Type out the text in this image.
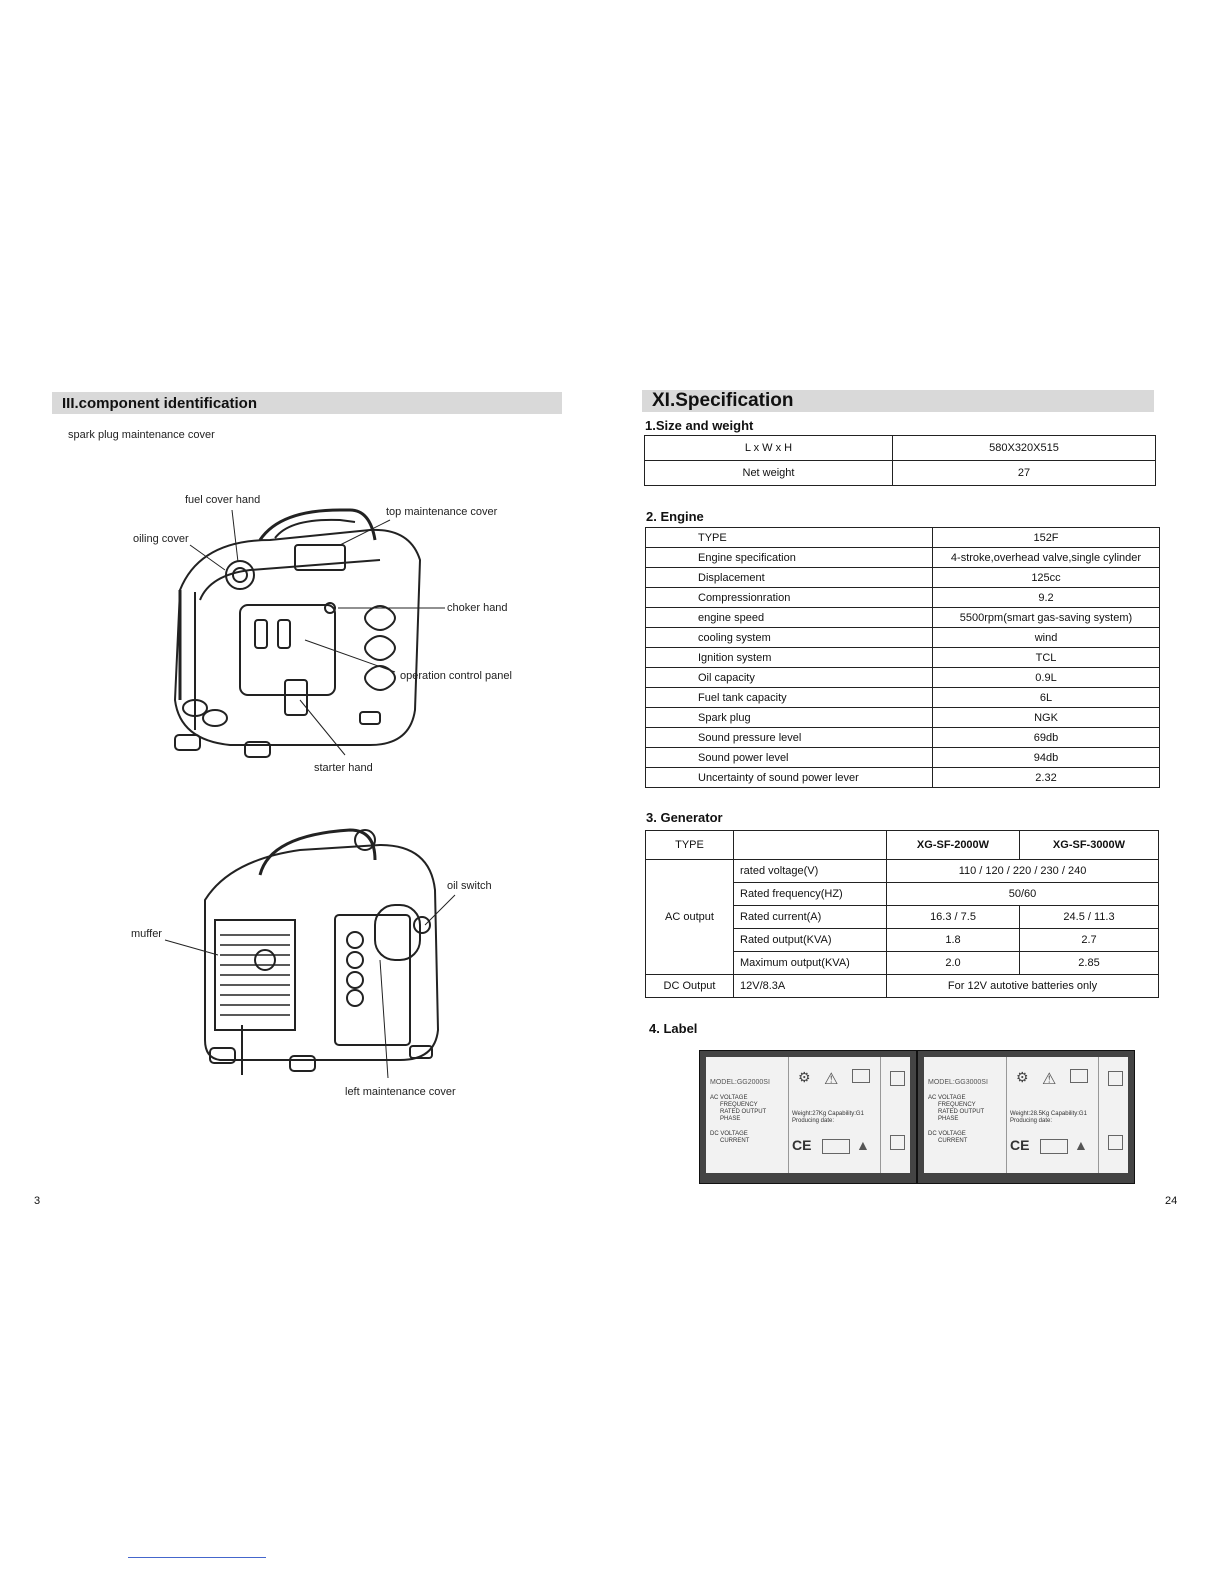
III.component identification
spark plug maintenance cover
fuel cover hand
top maintenance cover
oiling cover
choker hand
operation control panel
starter hand
oil switch
muffer
left maintenance cover
3
XI.Specification
1.Size and weight
L x W x H	580X320X515
Net weight	27
2. Engine
TYPE	152F
Engine specification	4-stroke,overhead valve,single cylinder
Displacement	125cc
Compressionration	9.2
engine speed	5500rpm(smart gas-saving system)
cooling system	wind
Ignition system	TCL
Oil capacity	0.9L
Fuel tank capacity	6L
Spark plug	NGK
Sound pressure level	69db
Sound power level	94db
Uncertainty of sound power lever	2.32
3. Generator
TYPE		XG-SF-2000W	XG-SF-3000W
AC output	rated voltage(V)	110 / 120 / 220 / 230 / 240	
	Rated frequency(HZ)	50/60	
	Rated current(A)	16.3 / 7.5	24.5 / 11.3
	Rated output(KVA)	1.8	2.7
	Maximum output(KVA)	2.0	2.85
DC Output	12V/8.3A	For 12V autotive batteries only	
4. Label
MODEL:GG2000SI
AC VOLTAGE
FREQUENCY
RATED OUTPUT
PHASE
DC VOLTAGE
CURRENT
Weight:27Kg Capability:G1
Producing date:
CE
⚠
⚙
▲
MODEL:GG3000SI
AC VOLTAGE
FREQUENCY
RATED OUTPUT
PHASE
DC VOLTAGE
CURRENT
Weight:28.5Kg Capability:G1
Producing date:
CE
⚠
⚙
▲
24
